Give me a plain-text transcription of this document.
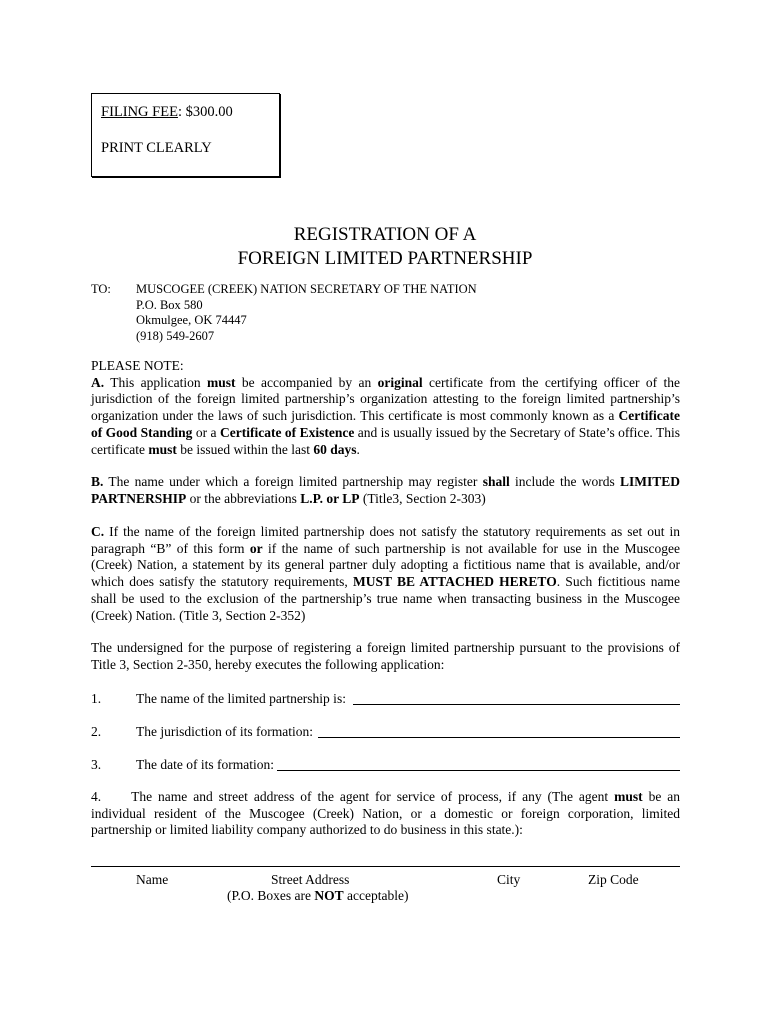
FILING FEE: $300.00
PRINT CLEARLY
REGISTRATION OF A
FOREIGN LIMITED PARTNERSHIP
TO: MUSCOGEE (CREEK) NATION SECRETARY OF THE NATION
P.O. Box 580
Okmulgee, OK 74447
(918) 549-2607
PLEASE NOTE:
A. This application must be accompanied by an original certificate from the certifying officer of the jurisdiction of the foreign limited partnership’s organization attesting to the foreign limited partnership’s organization under the laws of such jurisdiction. This certificate is most commonly known as a Certificate of Good Standing or a Certificate of Existence and is usually issued by the Secretary of State’s office. This certificate must be issued within the last 60 days.
B. The name under which a foreign limited partnership may register shall include the words LIMITED PARTNERSHIP or the abbreviations L.P. or LP (Title3, Section 2-303)
C. If the name of the foreign limited partnership does not satisfy the statutory requirements as set out in paragraph “B” of this form or if the name of such partnership is not available for use in the Muscogee (Creek) Nation, a statement by its general partner duly adopting a fictitious name that is available, and/or which does satisfy the statutory requirements, MUST BE ATTACHED HERETO. Such fictitious name shall be used to the exclusion of the partnership’s true name when transacting business in the Muscogee (Creek) Nation. (Title 3, Section 2-352)
The undersigned for the purpose of registering a foreign limited partnership pursuant to the provisions of Title 3, Section 2-350, hereby executes the following application:
1.	The name of the limited partnership is:
2.	The jurisdiction of its formation:
3.	The date of its formation:
4. The name and street address of the agent for service of process, if any (The agent must be an individual resident of the Muscogee (Creek) Nation, or a domestic or foreign corporation, limited partnership or limited liability company authorized to do business in this state.):
Name	Street Address	City	Zip Code
(P.O. Boxes are NOT acceptable)
